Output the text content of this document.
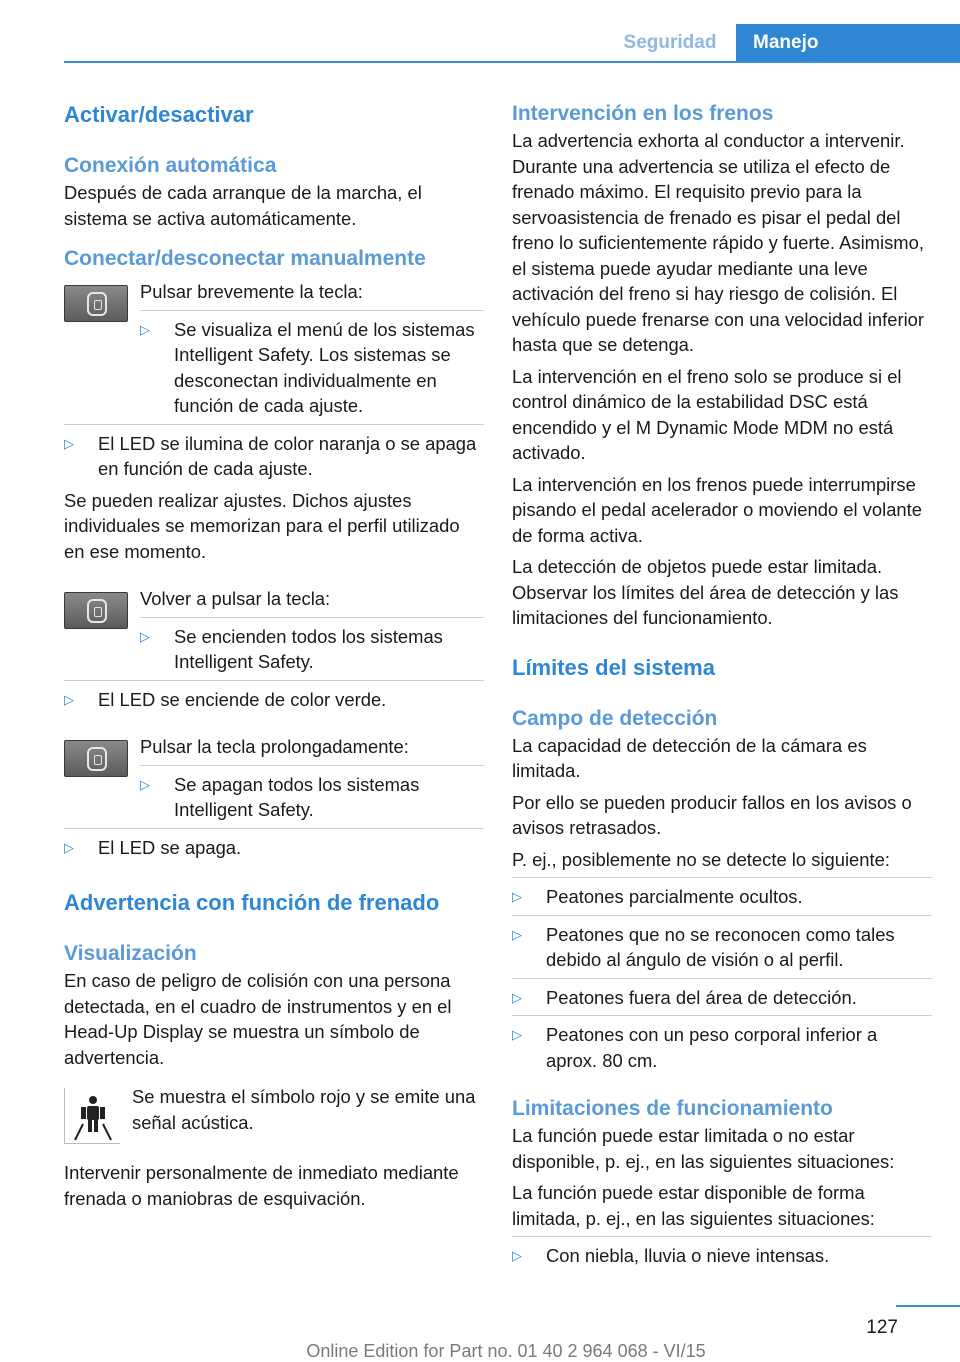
Seguridad	Manejo
Activar/desactivar
Conexión automática
Después de cada arranque de la marcha, el sistema se activa automáticamente.
Conectar/desconectar manualmente
Pulsar brevemente la tecla:
▷ Se visualiza el menú de los sistemas Intelligent Safety. Los sistemas se desconectan individualmente en función de cada ajuste.
▷ El LED se ilumina de color naranja o se apaga en función de cada ajuste.
Se pueden realizar ajustes. Dichos ajustes individuales se memorizan para el perfil utilizado en ese momento.
Volver a pulsar la tecla:
▷ Se encienden todos los sistemas Intelligent Safety.
▷ El LED se enciende de color verde.
Pulsar la tecla prolongadamente:
▷ Se apagan todos los sistemas Intelligent Safety.
▷ El LED se apaga.
Advertencia con función de frenado
Visualización
En caso de peligro de colisión con una persona detectada, en el cuadro de instrumentos y en el Head-Up Display se muestra un símbolo de advertencia.
Se muestra el símbolo rojo y se emite una señal acústica.
Intervenir personalmente de inmediato mediante frenada o maniobras de esquivación.
Intervención en los frenos
La advertencia exhorta al conductor a intervenir. Durante una advertencia se utiliza el efecto de frenado máximo. El requisito previo para la servoasistencia de frenado es pisar el pedal del freno lo suficientemente rápido y fuerte. Asimismo, el sistema puede ayudar mediante una leve activación del freno si hay riesgo de colisión. El vehículo puede frenarse con una velocidad inferior hasta que se detenga.
La intervención en el freno solo se produce si el control dinámico de la estabilidad DSC está encendido y el M Dynamic Mode MDM no está activado.
La intervención en los frenos puede interrumpirse pisando el pedal acelerador o moviendo el volante de forma activa.
La detección de objetos puede estar limitada. Observar los límites del área de detección y las limitaciones del funcionamiento.
Límites del sistema
Campo de detección
La capacidad de detección de la cámara es limitada.
Por ello se pueden producir fallos en los avisos o avisos retrasados.
P. ej., posiblemente no se detecte lo siguiente:
▷ Peatones parcialmente ocultos.
▷ Peatones que no se reconocen como tales debido al ángulo de visión o al perfil.
▷ Peatones fuera del área de detección.
▷ Peatones con un peso corporal inferior a aprox. 80 cm.
Limitaciones de funcionamiento
La función puede estar limitada o no estar disponible, p. ej., en las siguientes situaciones:
La función puede estar disponible de forma limitada, p. ej., en las siguientes situaciones:
▷ Con niebla, lluvia o nieve intensas.
127
Online Edition for Part no. 01 40 2 964 068 - VI/15
